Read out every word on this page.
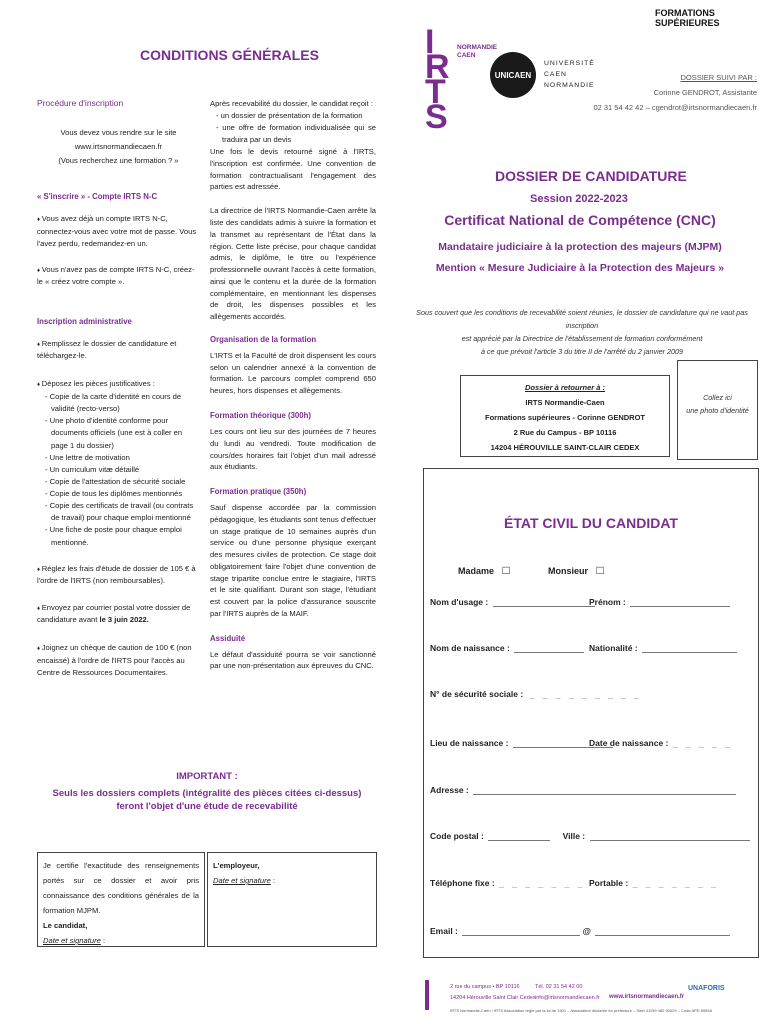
FORMATIONS SUPÉRIEURES
IRTS
NORMANDIE
CAEN
UNICAEN
UNIVERSITÉ
CAEN
NORMANDIE
DOSSIER SUIVI PAR :
Corinne GENDROT, Assistante
02 31 54 42 42 – cgendrot@irtsnormandiecaen.fr
CONDITIONS GÉNÉRALES
Procédure d'inscription
Vous devez vous rendre sur le site
www.irtsnormandiecaen.fr
(Vous recherchez une formation ? »
« S'inscrire » - Compte IRTS N-C

♦ Vous avez déjà un compte IRTS N-C, connectez-vous avec votre mot de passe. Vous l'avez perdu, redemandez-en un.

♦ Vous n'avez pas de compte IRTS N-C, créez- le « créez votre compte ».

Inscription administrative

♦ Remplissez le dossier de candidature et téléchargez-le.

♦ Déposez les pièces justificatives :

- Copie de la carte d'identité en cours de validité (recto-verso)
- Une photo d'identité conforme pour documents officiels (une est à coller en page 1 du dossier)
- Une lettre de motivation
- Un curriculum vitæ détaillé
- Copie de l'attestation de sécurité sociale
- Copie de tous les diplômes mentionnés
- Copie des certificats de travail (ou contrats de travail) pour chaque emploi mentionné
- Une fiche de poste pour chaque emploi mentionné.

♦ Réglez les frais d'étude de dossier de 105 € à l'ordre de l'IRTS (non remboursables).

♦ Envoyez par courrier postal votre dossier de candidature avant le 3 juin 2022.

♦ Joignez un chèque de caution de 100 € (non encaissé) à l'ordre de l'IRTS pour l'accès au Centre de Ressources Documentaires.

Après recevabilité du dossier, le candidat reçoit :

- un dossier de présentation de la formation
- une offre de formation individualisée qui se traduira par un devis

Une fois le devis retourné signé à l'IRTS, l'inscription est confirmée. Une convention de formation contractualisant l'engagement des parties est adressée.

La directrice de l'IRTS Normandie-Caen arrête la liste des candidats admis à suivre la formation et la transmet au représentant de l'État dans la région. Cette liste précise, pour chaque candidat admis, le diplôme, le titre ou l'expérience professionnelle ouvrant l'accès à cette formation, ainsi que le contenu et la durée de la formation complémentaire, en mentionnant les dispenses de droit, les dispenses possibles et les allègements accordés.

Organisation de la formation

L'IRTS et la Faculté de droit dispensent les cours selon un calendrier annexé à la convention de formation. Le parcours complet comprend 650 heures, hors dispenses et allègements.

Formation théorique (300h)

Les cours ont lieu sur des journées de 7 heures du lundi au vendredi. Toute modification de cours/des horaires fait l'objet d'un mail adressé aux étudiants.

Formation pratique (350h)

Sauf dispense accordée par la commission pédagogique, les étudiants sont tenus d'effectuer un stage pratique de 10 semaines auprès d'un service ou d'une personne physique exerçant des mesures civiles de protection. Ce stage doit obligatoirement faire l'objet d'une convention de stage tripartite conclue entre le stagiaire, l'IRTS et le site qualifiant. Durant son stage, l'étudiant est couvert par la police d'assurance souscrite par l'IRTS auprès de la MAIF.

Assiduité

Le défaut d'assiduité pourra se voir sanctionné par une non-présentation aux épreuves du CNC.

IMPORTANT :
Seuls les dossiers complets (intégralité des pièces citées ci-dessus)
feront l'objet d'une étude de recevabilité
Je certifie l'exactitude des renseignements portés sur ce dossier et avoir pris connaissance des conditions générales de la formation MJPM.
Le candidat,
Date et signature :
L'employeur,
Date et signature :
DOSSIER DE CANDIDATURE
Session 2022-2023
Certificat National de Compétence (CNC)
Mandataire judiciaire à la protection des majeurs (MJPM)
Mention « Mesure Judiciaire à la Protection des Majeurs »
Sous couvert que les conditions de recevabilité soient réunies, le dossier de candidature qui ne vaut pas inscription
est apprécié par la Directrice de l'établissement de formation conformément
à ce que prévoit l'article 3 du titre II de l'arrêté du 2 janvier 2009
Dossier à retourner à :
IRTS Normandie-Caen
Formations supérieures - Corinne GENDROT
2 Rue du Campus - BP 10116
14204 HÉROUVILLE SAINT-CLAIR CEDEX
Collez ici
une photo d'identité
ÉTAT CIVIL DU CANDIDAT
Madame □	Monsieur □
Nom d'usage :	Prénom :
Nom de naissance :	Nationalité :
N° de sécurité sociale : _ _ _ _ _ _ _ _ _
Lieu de naissance :	Date de naissance : _ _ _ _ _
Adresse :
Code postal :	Ville :
Téléphone fixe : _ _ _ _ _ _ _ Portable : _ _ _ _ _ _ _
Email :	@
2 rue du campus • BP 10116
14204 Hérouville Saint Clair Cedex
Tél. 02 31 54 42 00
info@irtsnormandiecaen.fr www.irtsnormandiecaen.fr
UNAFORIS
IRTS Normandie-Caen / IRTS Association régie par la loi de 1901 – Association déclarée en préfecture – Siret 41199 480 90029 – Code APE 8559A
